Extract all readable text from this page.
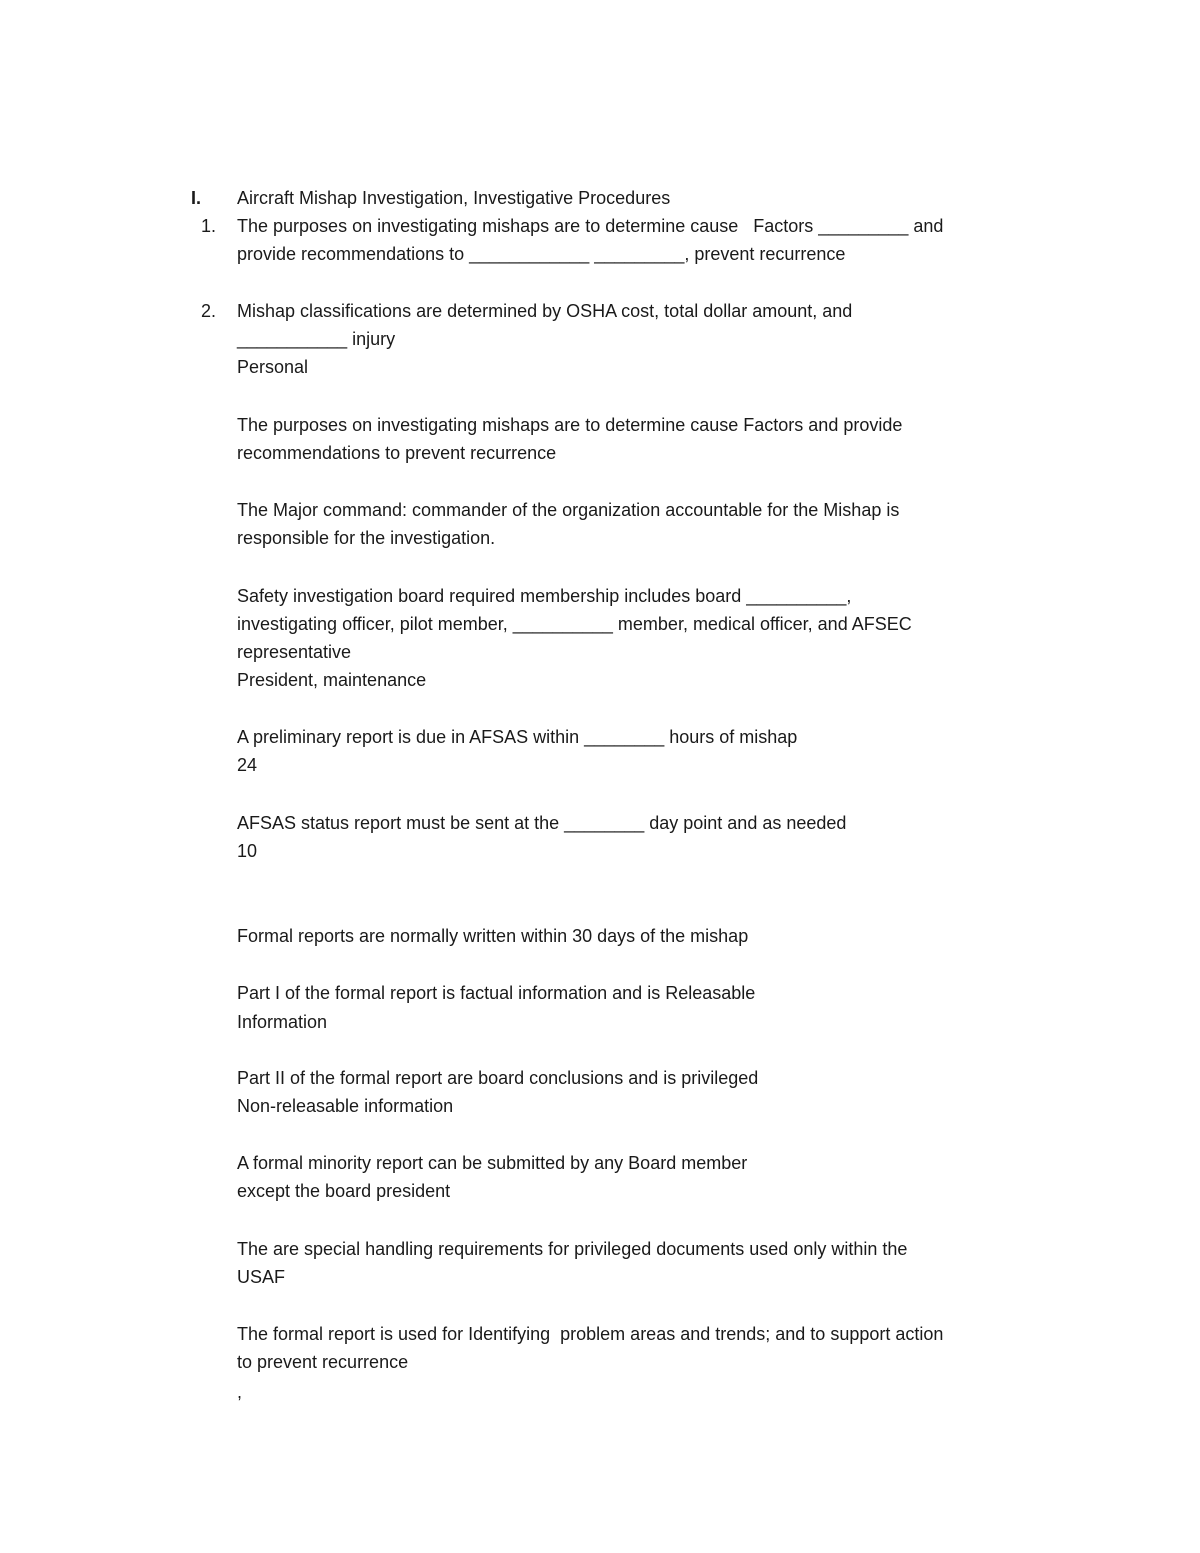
I. Aircraft Mishap Investigation, Investigative Procedures

1. The purposes on investigating mishaps are to determine cause   Factors _________ and

provide recommendations to ____________ _________, prevent recurrence

2. Mishap classifications are determined by OSHA cost, total dollar amount, and

___________ injury

Personal

The purposes on investigating mishaps are to determine cause Factors and provide

recommendations to prevent recurrence

The Major command: commander of the organization accountable for the Mishap is

responsible for the investigation.

Safety investigation board required membership includes board __________,

investigating officer, pilot member, __________ member, medical officer, and AFSEC

representative

President, maintenance

A preliminary report is due in AFSAS within ________ hours of mishap

24

AFSAS status report must be sent at the ________ day point and as needed

10

Formal reports are normally written within 30 days of the mishap

Part I of the formal report is factual information and is Releasable

Information

Part II of the formal report are board conclusions and is privileged

Non-releasable information

A formal minority report can be submitted by any Board member

except the board president

The are special handling requirements for privileged documents used only within the

USAF

The formal report is used for Identifying  problem areas and trends; and to support action

to prevent recurrence

,
